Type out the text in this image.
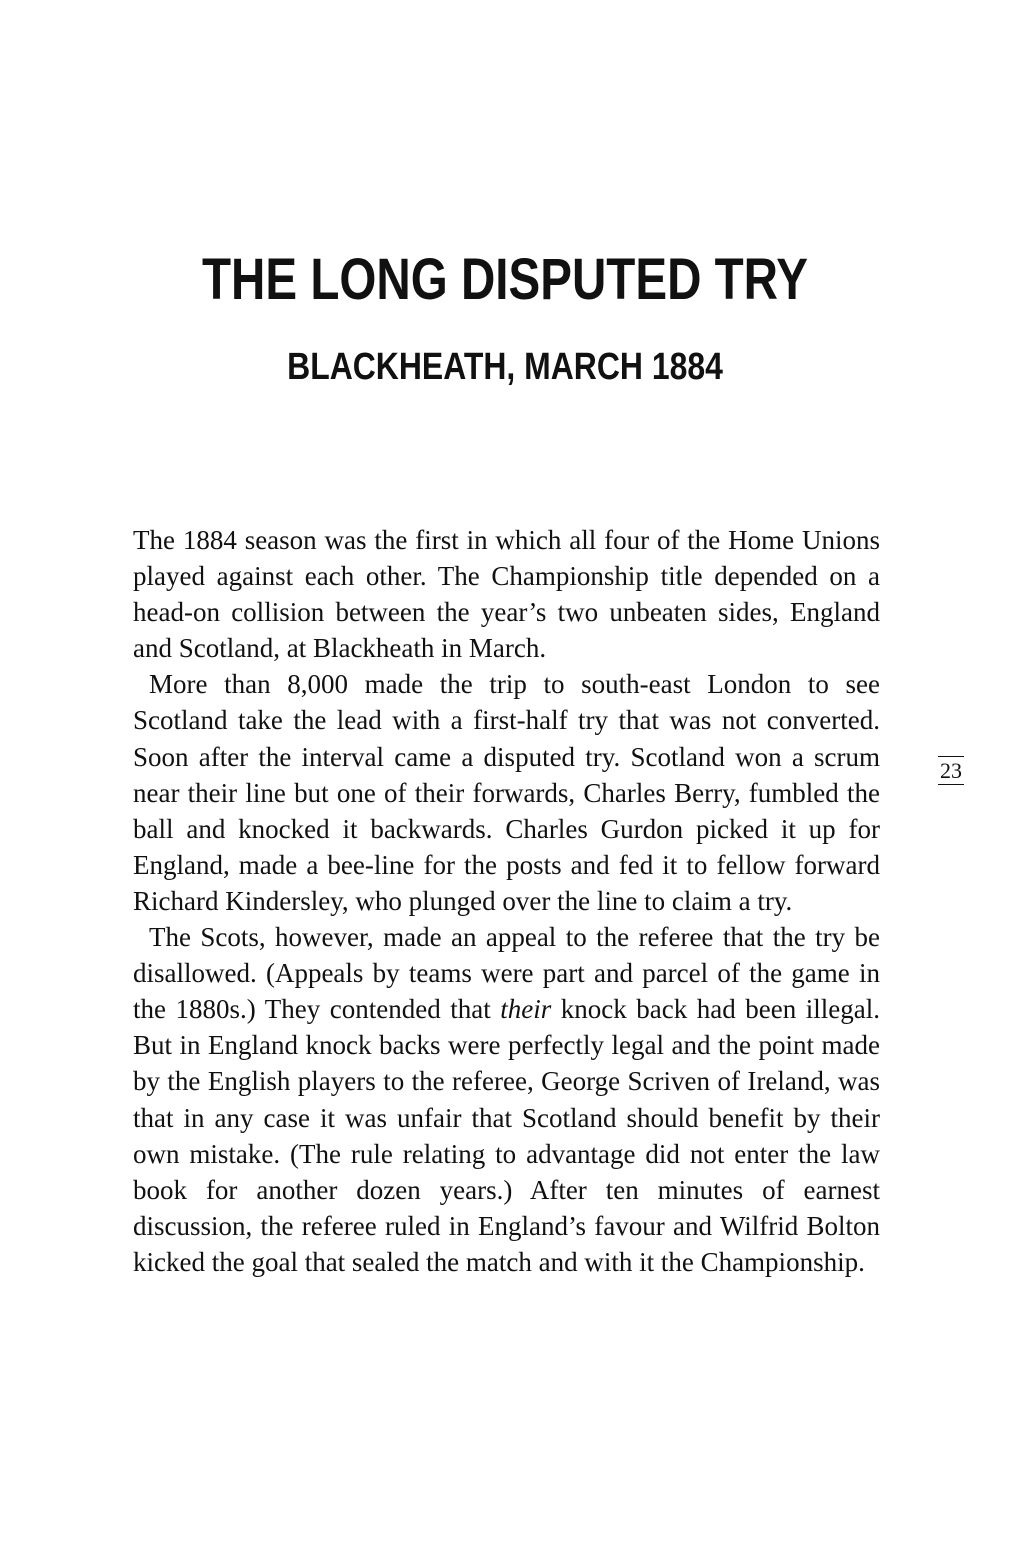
THE LONG DISPUTED TRY
BLACKHEATH, MARCH 1884

The 1884 season was the first in which all four of the Home Unions played against each other. The Championship title depended on a head-on collision between the year’s two unbeaten sides, England and Scotland, at Blackheath in March.

More than 8,000 made the trip to south-east London to see Scotland take the lead with a first-half try that was not converted. Soon after the interval came a disputed try. Scotland won a scrum near their line but one of their forwards, Charles Berry, fumbled the ball and knocked it backwards. Charles Gurdon picked it up for England, made a bee-line for the posts and fed it to fellow forward Richard Kindersley, who plunged over the line to claim a try.

The Scots, however, made an appeal to the referee that the try be disallowed. (Appeals by teams were part and parcel of the game in the 1880s.) They contended that their knock back had been illegal. But in England knock backs were perfectly legal and the point made by the English players to the referee, George Scriven of Ireland, was that in any case it was unfair that Scotland should benefit by their own mistake. (The rule relating to advantage did not enter the law book for another dozen years.) After ten minutes of earnest discussion, the referee ruled in England’s favour and Wilfrid Bolton kicked the goal that sealed the match and with it the Championship.

23
